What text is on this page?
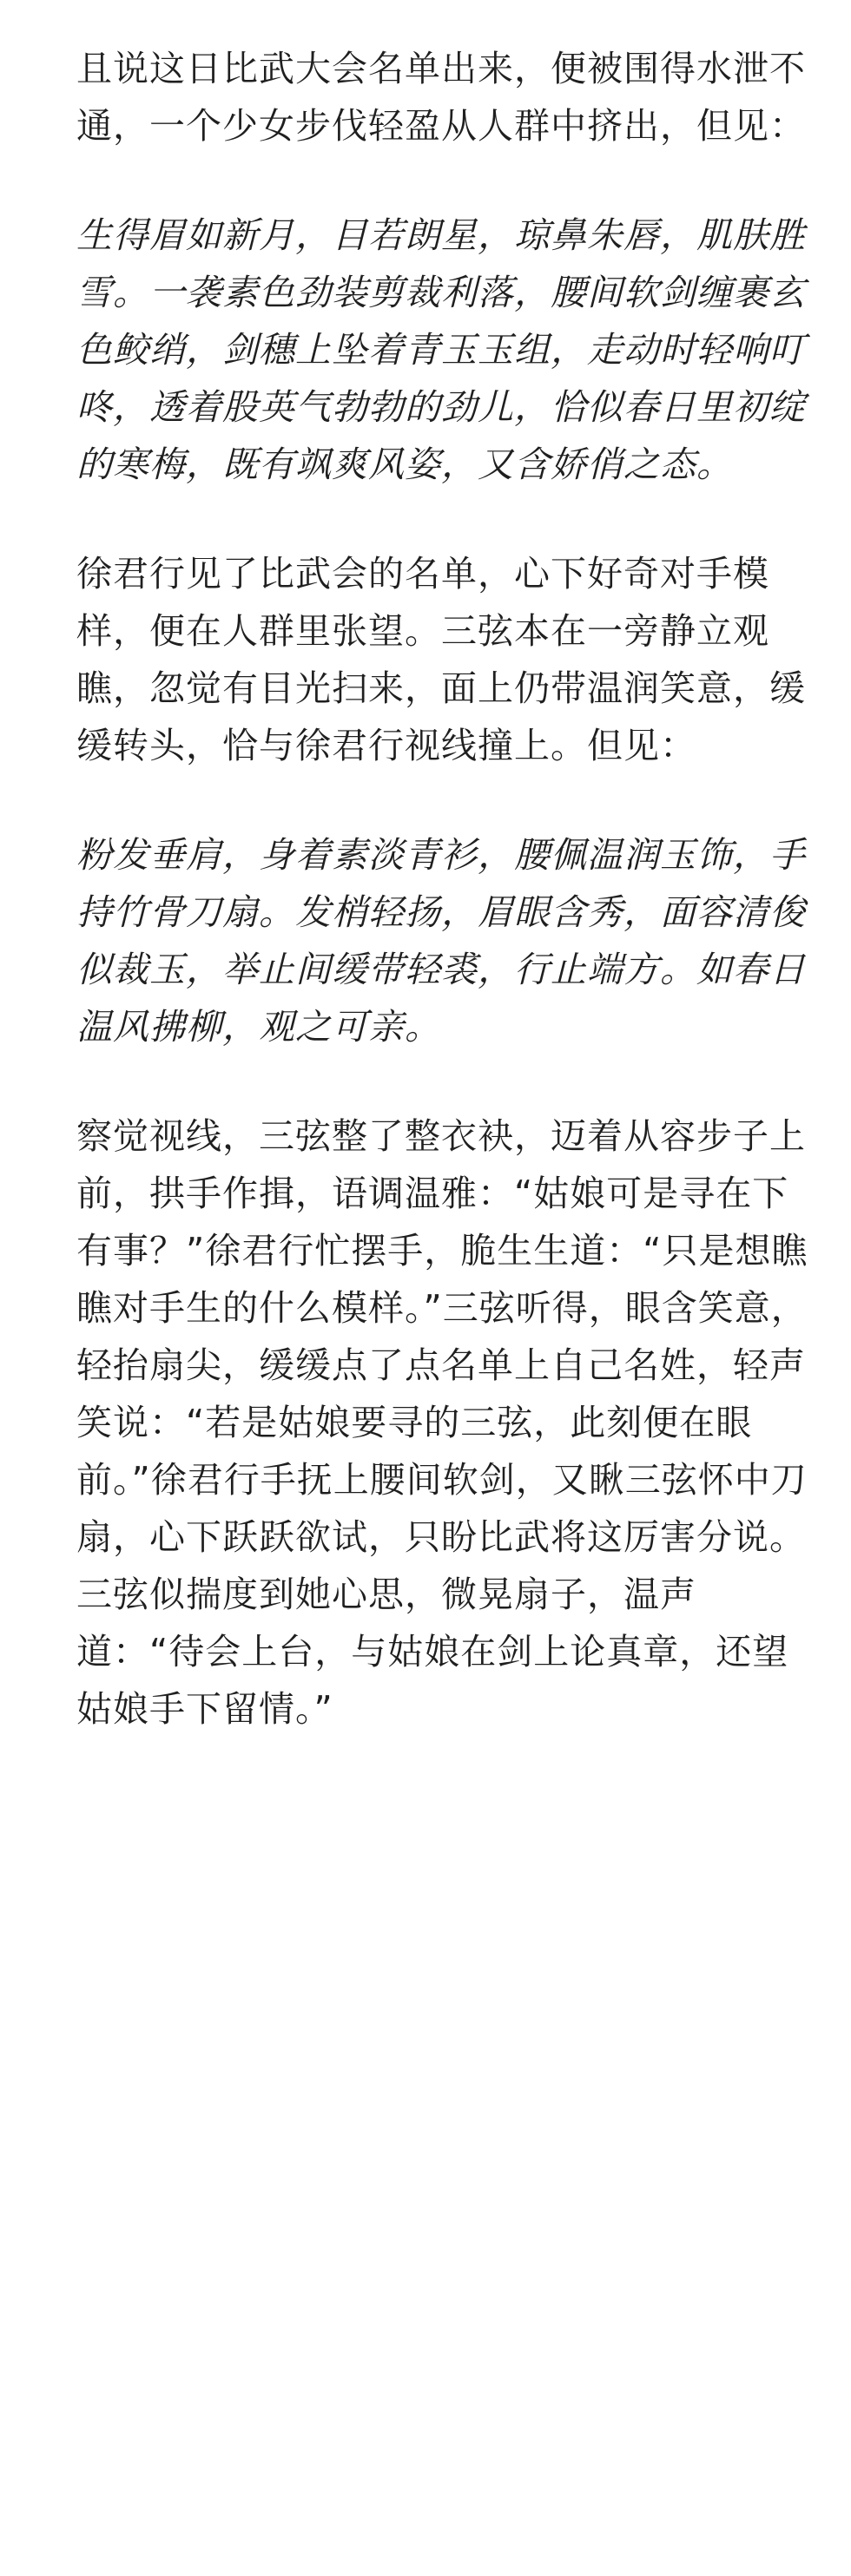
且说这日比武大会名单出来，便被围得水泄不通，一个少女步伐轻盈从人群中挤出，但见：

生得眉如新月，目若朗星，琼鼻朱唇，肌肤胜雪。一袭素色劲装剪裁利落，腰间软剑缠裹玄色鲛绡，剑穗上坠着青玉玉组，走动时轻响叮咚，透着股英气勃勃的劲儿，恰似春日里初绽的寒梅，既有飒爽风姿，又含娇俏之态。

徐君行见了比武会的名单，心下好奇对手模样，便在人群里张望。三弦本在一旁静立观瞧，忽觉有目光扫来，面上仍带温润笑意，缓缓转头，恰与徐君行视线撞上。但见：

粉发垂肩，身着素淡青衫，腰佩温润玉饰，手持竹骨刀扇。发梢轻扬，眉眼含秀，面容清俊似裁玉，举止间缓带轻裘，行止端方。如春日温风拂柳，观之可亲。

察觉视线，三弦整了整衣袂，迈着从容步子上前，拱手作揖，语调温雅：“姑娘可是寻在下有事？”徐君行忙摆手，脆生生道：“只是想瞧瞧对手生的什么模样。”三弦听得，眼含笑意，轻抬扇尖，缓缓点了点名单上自己名姓，轻声笑说：“若是姑娘要寻的三弦，此刻便在眼前。”徐君行手抚上腰间软剑，又瞅三弦怀中刀扇，心下跃跃欲试，只盼比武将这厉害分说。三弦似揣度到她心思，微晃扇子，温声道：“待会上台，与姑娘在剑上论真章，还望姑娘手下留情。”
